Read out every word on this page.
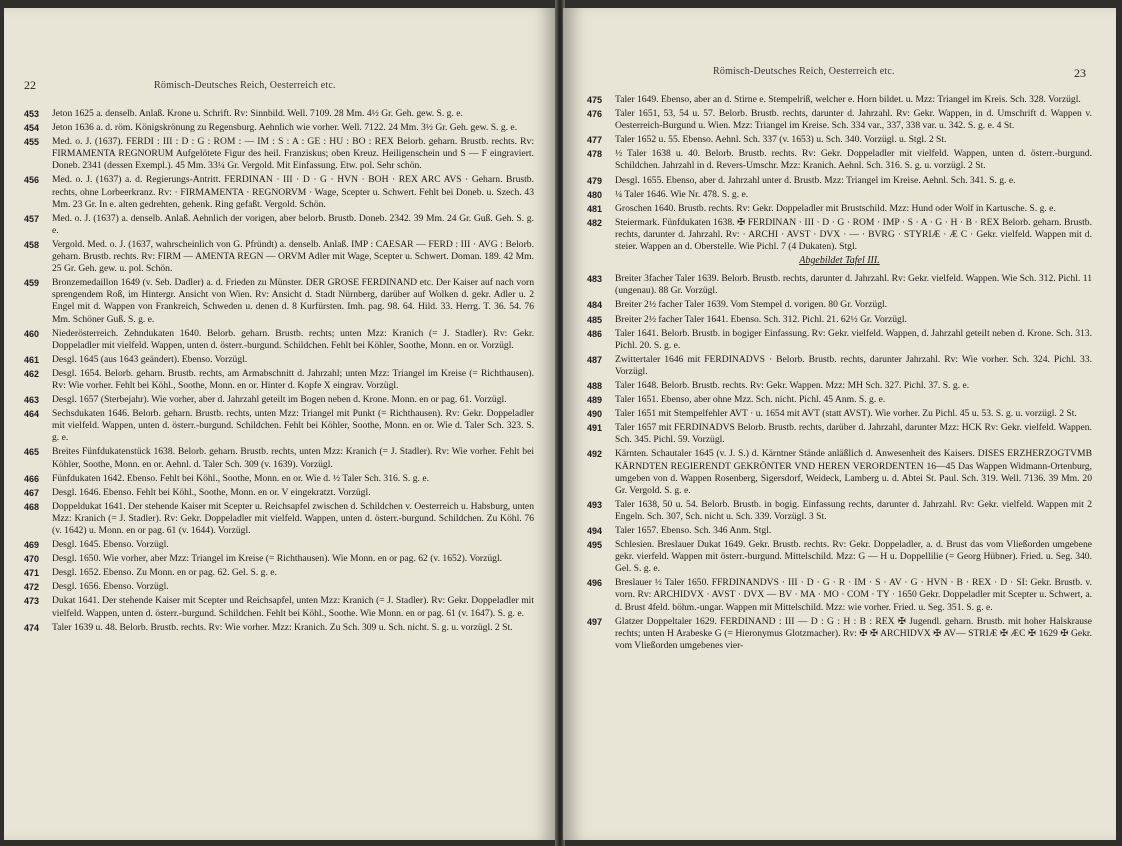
22	Römisch-Deutsches Reich, Oesterreich etc.
453 Jeton 1625 a. denselb. Anlaß. Krone u. Schrift. Rv: Sinnbild. Well. 7109. 28 Mm. 4½ Gr. Geh. gew. S. g. e.
454 Jeton 1636 a. d. röm. Königskrönung zu Regensburg. Aehnlich wie vorher. Well. 7122. 24 Mm. 3½ Gr. Geh. gew. S. g. e.
455 Med. o. J. (1637). FERDI : III : D : G : ROM : — IM : S : A : GE : HU : BO : REX Belorb. geharn. Brustb. rechts. Rv: FIRMAMENTA REGNORUM Aufgelötete Figur des heil. Franziskus; oben Kreuz. Heiligenschein und S — F eingraviert. Doneb. 2341 (dessen Exempl.). 45 Mm. 33¼ Gr. Vergold. Mit Einfassung. Etw. pol. Sehr schön.
456 Med. o. J. (1637) a. d. Regierungs-Antritt. FERDINAN · III · D · G · HVN · BOH · REX ARC AVS · Geharn. Brustb. rechts, ohne Lorbeerkranz. Rv: · FIRMAMENTA · REGNORVM · Wage, Scepter u. Schwert. Fehlt bei Doneb. u. Szech. 43 Mm. 23 Gr. In e. alten gedrehten, gehenk. Ring gefaßt. Vergold. Schön.
457 Med. o. J. (1637) a. denselb. Anlaß. Aehnlich der vorigen, aber belorb. Brustb. Doneb. 2342. 39 Mm. 24 Gr. Guß. Geh. S. g. e.
458 Vergold. Med. o. J. (1637, wahrscheinlich von G. Pfründt) a. denselb. Anlaß. IMP : CAESAR — FERD : III · AVG : Belorb. geharn. Brustb. rechts. Rv: FIRM — AMENTA REGN — ORVM Adler mit Wage, Scepter u. Schwert. Doman. 189. 42 Mm. 25 Gr. Geh. gew. u. pol. Schön.
459 Bronzemedaillon 1649 (v. Seb. Dadler) a. d. Frieden zu Münster. DER GROSE FERDINAND etc. Der Kaiser auf nach vorn sprengendem Roß, im Hintergr. Ansicht von Wien. Rv: Ansicht d. Stadt Nürnberg, darüber auf Wolken d. gekr. Adler u. 2 Engel mit d. Wappen von Frankreich, Schweden u. denen d. 8 Kurfürsten. Imh. pag. 98. 64. Hild. 33. Herrg. T. 36. 54. 76 Mm. Schöner Guß. S. g. e.
460 Niederösterreich. Zehndukaten 1640. Belorb. geharn. Brustb. rechts; unten Mzz: Kranich (= J. Stadler). Rv: Gekr. Doppeladler mit vielfeld. Wappen, unten d. österr.-burgund. Schildchen. Fehlt bei Köhler, Soothe, Monn. en or. Vorzügl.
461 Desgl. 1645 (aus 1643 geändert). Ebenso. Vorzügl.
462 Desgl. 1654. Belorb. geharn. Brustb. rechts, am Armabschnitt d. Jahrzahl; unten Mzz: Triangel im Kreise (= Richthausen). Rv: Wie vorher. Fehlt bei Köhl., Soothe, Monn. en or. Hinter d. Kopfe X eingrav. Vorzügl.
463 Desgl. 1657 (Sterbejahr). Wie vorher, aber d. Jahrzahl geteilt im Bogen neben d. Krone. Monn. en or pag. 61. Vorzügl.
464 Sechsdukaten 1646. Belorb. geharn. Brustb. rechts, unten Mzz: Triangel mit Punkt (= Richthausen). Rv: Gekr. Doppeladler mit vielfeld. Wappen, unten d. österr.-burgund. Schildchen. Fehlt bei Köhler, Soothe, Monn. en or. Wie d. Taler Sch. 323. S. g. e.
465 Breites Fünfdukatenstück 1638. Belorb. geharn. Brustb. rechts, unten Mzz: Kranich (= J. Stadler). Rv: Wie vorher. Fehlt bei Köhler, Soothe, Monn. en or. Aehnl. d. Taler Sch. 309 (v. 1639). Vorzügl.
466 Fünfdukaten 1642. Ebenso. Fehlt bei Köhl., Soothe, Monn. en or. Wie d. ½ Taler Sch. 316. S. g. e.
467 Desgl. 1646. Ebenso. Fehlt bei Köhl., Soothe, Monn. en or. V eingekratzt. Vorzügl.
468 Doppeldukat 1641. Der stehende Kaiser mit Scepter u. Reichsapfel zwischen d. Schildchen v. Oesterreich u. Habsburg, unten Mzz: Kranich (= J. Stadler). Rv: Gekr. Doppeladler mit vielfeld. Wappen, unten d. österr.-burgund. Schildchen. Zu Köhl. 76 (v. 1642) u. Monn. en or pag. 61 (v. 1644). Vorzügl.
469 Desgl. 1645. Ebenso. Vorzügl.
470 Desgl. 1650. Wie vorher, aber Mzz: Triangel im Kreise (= Richthausen). Wie Monn. en or pag. 62 (v. 1652). Vorzügl.
471 Desgl. 1652. Ebenso. Zu Monn. en or pag. 62. Gel. S. g. e.
472 Desgl. 1656. Ebenso. Vorzügl.
473 Dukat 1641. Der stehende Kaiser mit Scepter und Reichsapfel, unten Mzz: Kranich (= J. Stadler). Rv: Gekr. Doppeladler mit vielfeld. Wappen, unten d. österr.-burgund. Schildchen. Fehlt bei Köhl., Soothe. Wie Monn. en or pag. 61 (v. 1647). S. g. e.
474 Taler 1639 u. 48. Belorb. Brustb. rechts. Rv: Wie vorher. Mzz: Kranich. Zu Sch. 309 u. Sch. nicht. S. g. u. vorzügl. 2 St.
Römisch-Deutsches Reich, Oesterreich etc.	23
475 Taler 1649. Ebenso, aber an d. Stirne e. Stempelriß, welcher e. Horn bildet. u. Mzz: Triangel im Kreis. Sch. 328. Vorzügl.
476 Taler 1651, 53, 54 u. 57. Belorb. Brustb. rechts, darunter d. Jahrzahl. Rv: Gekr. Wappen, in d. Umschrift d. Wappen v. Oesterreich-Burgund u. Wien. Mzz: Triangel im Kreise. Sch. 334 var., 337, 338 var. u. 342. S. g. e. 4 St.
477 Taler 1652 u. 55. Ebenso. Aehnl. Sch. 337 (v. 1653) u. Sch. 340. Vorzügl. u. Stgl. 2 St.
478 ½ Taler 1638 u. 40. Belorb. Brustb. rechts. Rv: Gekr. Doppeladler mit vielfeld. Wappen, unten d. österr.-burgund. Schildchen. Jahrzahl in d. Revers-Umschr. Mzz: Kranich. Aehnl. Sch. 316. S. g. u. vorzügl. 2 St.
479 Desgl. 1655. Ebenso, aber d. Jahrzahl unter d. Brustb. Mzz: Triangel im Kreise. Aehnl. Sch. 341. S. g. e.
480 ¼ Taler 1646. Wie Nr. 478. S. g. e.
481 Groschen 1640. Brustb. rechts. Rv: Gekr. Doppeladler mit Brustschild. Mzz: Hund oder Wolf in Kartusche. S. g. e.
482 Steiermark. Fünfdukaten 1638. ✠ FERDINAN · III · D · G · ROM · IMP · S · A · G · H · B · REX Belorb. geharn. Brustb. rechts, darunter d. Jahrzahl. Rv: · ARCHI · AVST · DVX · — · BVRG · STYRIÆ · Æ C · Gekr. vielfeld. Wappen mit d. steier. Wappen an d. Oberstelle. Wie Pichl. 7 (4 Dukaten). Stgl.
Abgebildet Tafel III.
483 Breiter 3facher Taler 1639. Belorb. Brustb. rechts, darunter d. Jahrzahl. Rv: Gekr. vielfeld. Wappen. Wie Sch. 312. Pichl. 11 (ungenau). 88 Gr. Vorzügl.
484 Breiter 2½ facher Taler 1639. Vom Stempel d. vorigen. 80 Gr. Vorzügl.
485 Breiter 2½ facher Taler 1641. Ebenso. Sch. 312. Pichl. 21. 62½ Gr. Vorzügl.
486 Taler 1641. Belorb. Brustb. in bogiger Einfassung. Rv: Gekr. vielfeld. Wappen, d. Jahrzahl geteilt neben d. Krone. Sch. 313. Pichl. 20. S. g. e.
487 Zwittertaler 1646 mit FERDINADVS · Belorb. Brustb. rechts, darunter Jahrzahl. Rv: Wie vorher. Sch. 324. Pichl. 33. Vorzügl.
488 Taler 1648. Belorb. Brustb. rechts. Rv: Gekr. Wappen. Mzz: MH Sch. 327. Pichl. 37. S. g. e.
489 Taler 1651. Ebenso, aber ohne Mzz. Sch. nicht. Pichl. 45 Anm. S. g. e.
490 Taler 1651 mit Stempelfehler AVT · u. 1654 mit AVT (statt AVST). Wie vorher. Zu Pichl. 45 u. 53. S. g. u. vorzügl. 2 St.
491 Taler 1657 mit FERDINADVS Belorb. Brustb. rechts, darüber d. Jahrzahl, darunter Mzz: HCK Rv: Gekr. vielfeld. Wappen. Sch. 345. Pichl. 59. Vorzügl.
492 Kärnten. Schautaler 1645 (v. J. S.) d. Kärntner Stände anläßlich d. Anwesenheit des Kaisers. DISES ERZHERZOGTVMB KÄRNDTEN REGIERENDT GEKRÖNTER VND HEREN VERORDENTEN 16—45 Das Wappen Widmann-Ortenburg, umgeben von d. Wappen Rosenberg, Sigersdorf, Weideck, Lamberg u. d. Abtei St. Paul. Sch. 319. Well. 7136. 39 Mm. 20 Gr. Vergold. S. g. e.
493 Taler 1638, 50 u. 54. Belorb. Brustb. in bogig. Einfassung rechts, darunter d. Jahrzahl. Rv: Gekr. vielfeld. Wappen mit 2 Engeln. Sch. 307, Sch. nicht u. Sch. 339. Vorzügl. 3 St.
494 Taler 1657. Ebenso. Sch. 346 Anm. Stgl.
495 Schlesien. Breslauer Dukat 1649. Gekr. Brustb. rechts. Rv: Gekr. Doppeladler, a. d. Brust das vom Vließorden umgebene gekr. vierfeld. Wappen mit österr.-burgund. Mittelschild. Mzz: G — H u. Doppellilie (= Georg Hübner). Fried. u. Seg. 340. Gel. S. g. e.
496 Breslauer ½ Taler 1650. FFRDINANDVS · III · D · G · R · IM · S · AV · G · HVN · B · REX · D · SI: Gekr. Brustb. v. vorn. Rv: ARCHIDVX · AVST · DVX — BV · MA · MO · COM · TY · 1650 Gekr. Doppeladler mit Scepter u. Schwert, a. d. Brust 4feld. böhm.-ungar. Wappen mit Mittelschild. Mzz: wie vorher. Fried. u. Seg. 351. S. g. e.
497 Glatzer Doppeltaler 1629. FERDINAND : III — D : G : H : B : REX ✠ Jugendl. geharn. Brustb. mit hoher Halskrause rechts; unten H Arabeske G (= Hieronymus Glotzmacher). Rv: ✠ ✠ ARCHIDVX ✠ AV— STRIÆ ✠ ÆC ✠ 1629 ✠ Gekr. vom Vließorden umgebenes vier-
